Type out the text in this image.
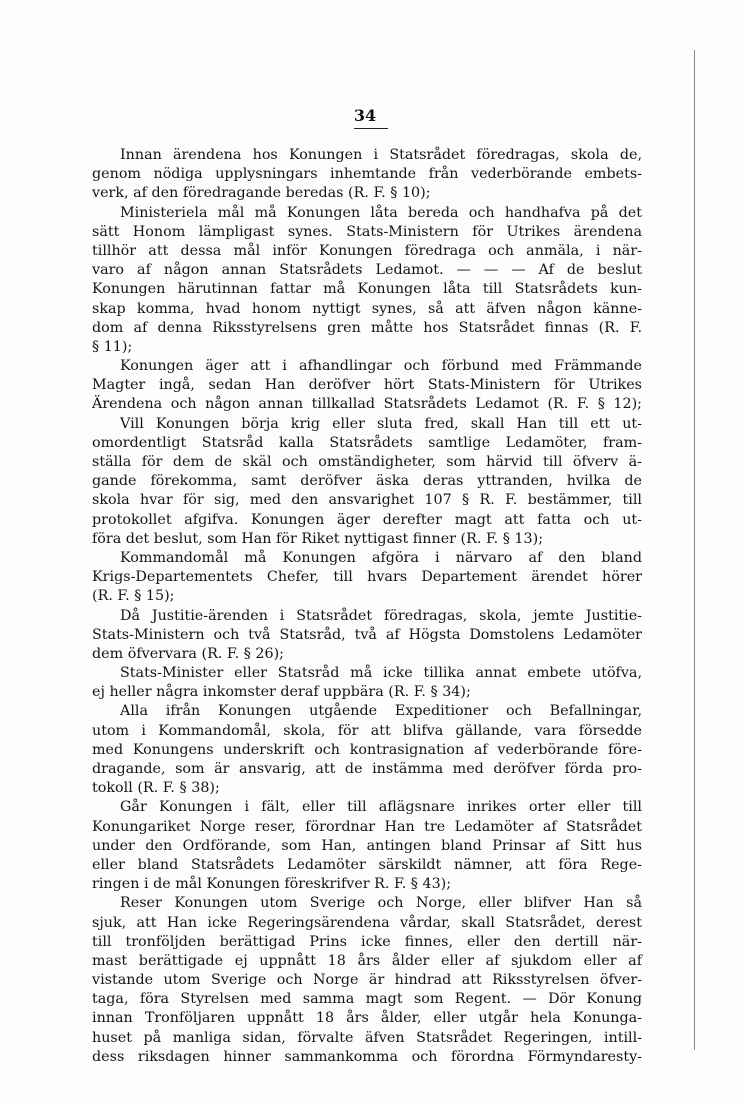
34
Innan ärendena hos Konungen i Statsrådet föredragas, skola de,
genom nödiga upplysningars inhemtande från vederbörande embets-
verk, af den föredragande beredas (R. F. § 10);
Ministeriela mål må Konungen låta bereda och handhafva på det
sätt Honom lämpligast synes. Stats-Ministern för Utrikes ärendena
tillhör att dessa mål inför Konungen föredraga och anmäla, i när-
varo af någon annan Statsrådets Ledamot. — — — Af de beslut
Konungen härutinnan fattar må Konungen låta till Statsrådets kun-
skap komma, hvad honom nyttigt synes, så att äfven någon känne-
dom af denna Riksstyrelsens gren måtte hos Statsrådet finnas (R. F.
§ 11);
Konungen äger att i afhandlingar och förbund med Främmande
Magter ingå, sedan Han deröfver hört Stats-Ministern för Utrikes
Ärendena och någon annan tillkallad Statsrådets Ledamot (R. F. § 12);
Vill Konungen börja krig eller sluta fred, skall Han till ett ut-
omordentligt Statsråd kalla Statsrådets samtlige Ledamöter, fram-
ställa för dem de skäl och omständigheter, som härvid till öfverv ä-
gande förekomma, samt deröfver äska deras yttranden, hvilka de
skola hvar för sig, med den ansvarighet 107 § R. F. bestämmer, till
protokollet afgifva. Konungen äger derefter magt att fatta och ut-
föra det beslut, som Han för Riket nyttigast finner (R. F. § 13);
Kommandomål må Konungen afgöra i närvaro af den bland
Krigs-Departementets Chefer, till hvars Departement ärendet hörer
(R. F. § 15);
Då Justitie-ärenden i Statsrådet föredragas, skola, jemte Justitie-
Stats-Ministern och två Statsråd, två af Högsta Domstolens Ledamöter
dem öfvervara (R. F. § 26);
Stats-Minister eller Statsråd må icke tillika annat embete utöfva,
ej heller några inkomster deraf uppbära (R. F. § 34);
Alla ifrån Konungen utgående Expeditioner och Befallningar,
utom i Kommandomål, skola, för att blifva gällande, vara försedde
med Konungens underskrift och kontrasignation af vederbörande före-
dragande, som är ansvarig, att de instämma med deröfver förda pro-
tokoll (R. F. § 38);
Går Konungen i fält, eller till aflägsnare inrikes orter eller till
Konungariket Norge reser, förordnar Han tre Ledamöter af Statsrådet
under den Ordförande, som Han, antingen bland Prinsar af Sitt hus
eller bland Statsrådets Ledamöter särskildt nämner, att föra Rege-
ringen i de mål Konungen föreskrifver R. F. § 43);
Reser Konungen utom Sverige och Norge, eller blifver Han så
sjuk, att Han icke Regeringsärendena vårdar, skall Statsrådet, derest
till tronföljden berättigad Prins icke finnes, eller den dertill när-
mast berättigade ej uppnått 18 års ålder eller af sjukdom eller af
vistande utom Sverige och Norge är hindrad att Riksstyrelsen öfver-
taga, föra Styrelsen med samma magt som Regent. — Dör Konung
innan Tronföljaren uppnått 18 års ålder, eller utgår hela Konunga-
huset på manliga sidan, förvalte äfven Statsrådet Regeringen, intill-
dess riksdagen hinner sammankomma och förordna Förmyndaresty-
